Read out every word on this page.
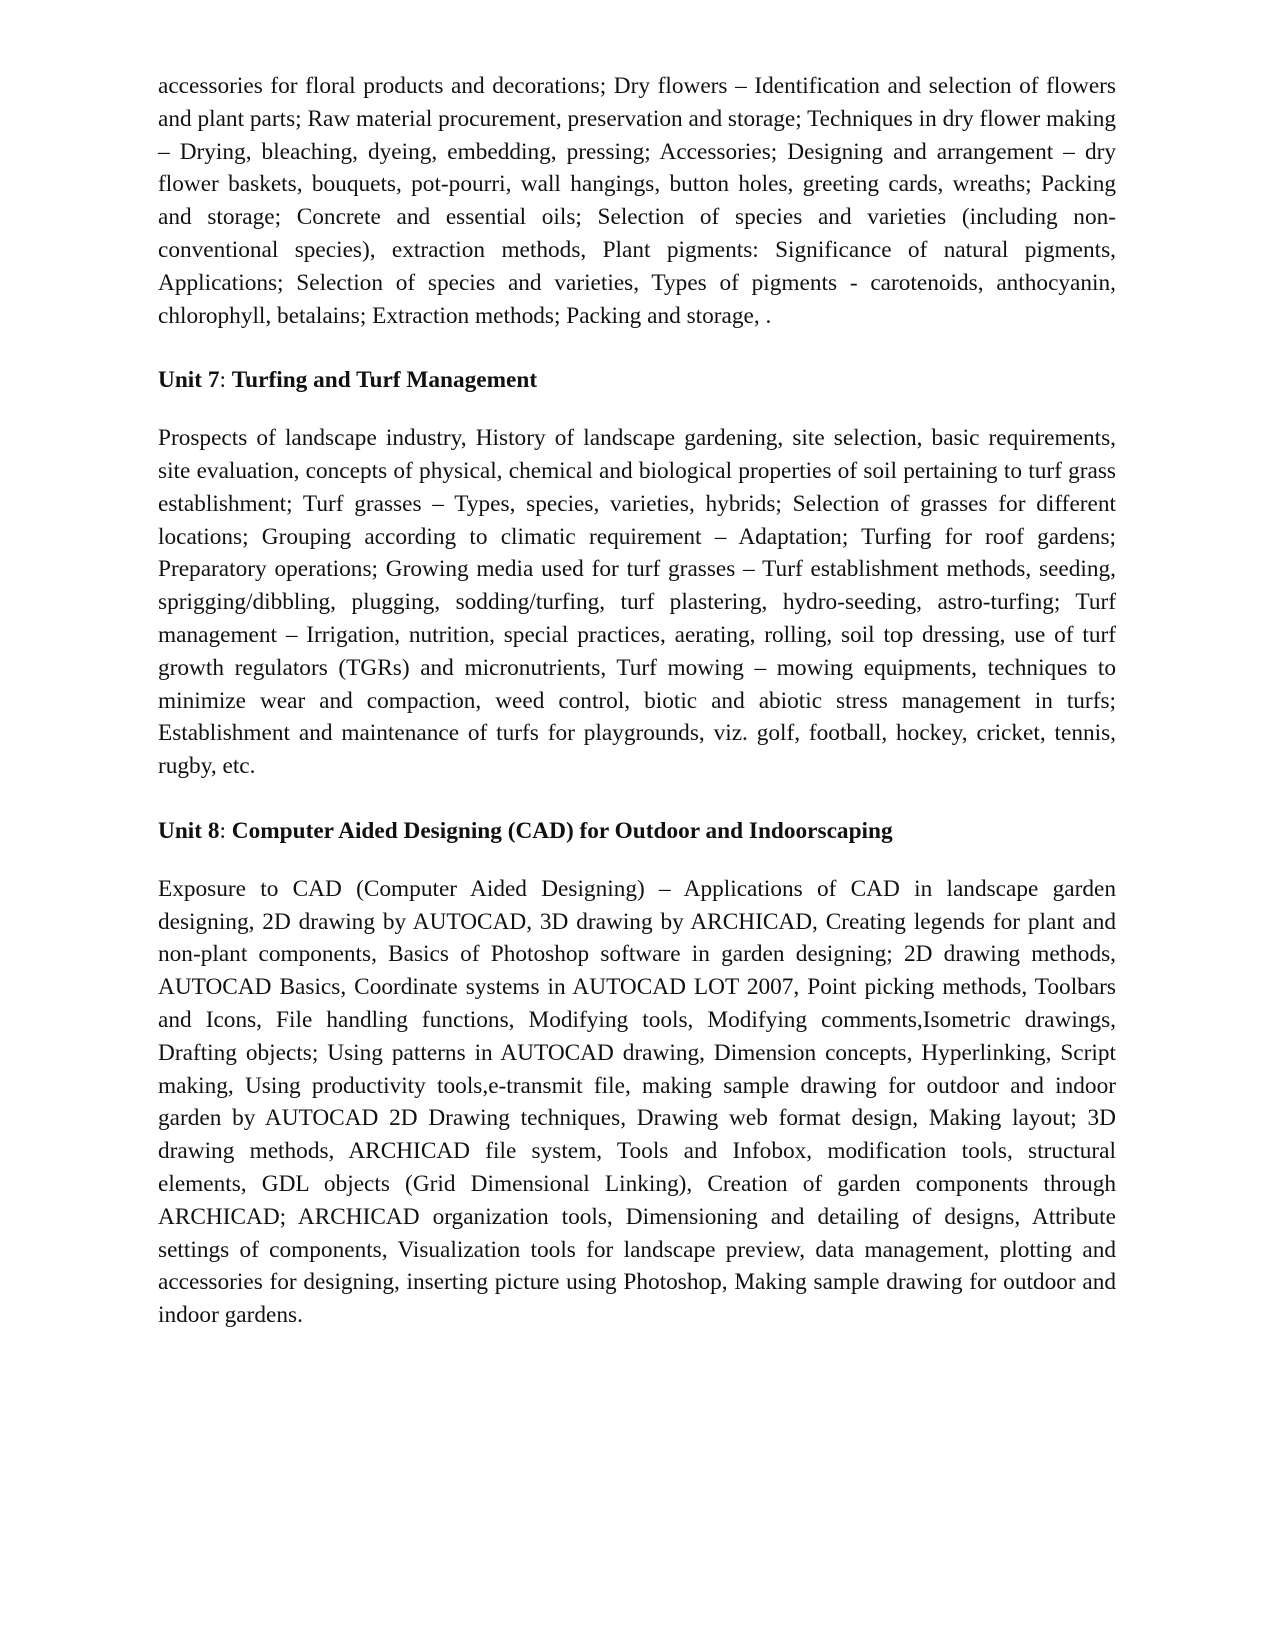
accessories for floral products and decorations; Dry flowers – Identification and selection of flowers and plant parts; Raw material procurement, preservation and storage; Techniques in dry flower making – Drying, bleaching, dyeing, embedding, pressing; Accessories; Designing and arrangement – dry flower baskets, bouquets, pot-pourri, wall hangings, button holes, greeting cards, wreaths; Packing and storage; Concrete and essential oils; Selection of species and varieties (including non-conventional species), extraction methods, Plant pigments: Significance of natural pigments, Applications; Selection of species and varieties, Types of pigments - carotenoids, anthocyanin, chlorophyll, betalains; Extraction methods; Packing and storage, .

Unit 7: Turfing and Turf Management

Prospects of landscape industry, History of landscape gardening, site selection, basic requirements, site evaluation, concepts of physical, chemical and biological properties of soil pertaining to turf grass establishment; Turf grasses – Types, species, varieties, hybrids; Selection of grasses for different locations; Grouping according to climatic requirement – Adaptation; Turfing for roof gardens; Preparatory operations; Growing media used for turf grasses – Turf establishment methods, seeding, sprigging/dibbling, plugging, sodding/turfing, turf plastering, hydro-seeding, astro-turfing; Turf management – Irrigation, nutrition, special practices, aerating, rolling, soil top dressing, use of turf growth regulators (TGRs) and micronutrients, Turf mowing – mowing equipments, techniques to minimize wear and compaction, weed control, biotic and abiotic stress management in turfs; Establishment and maintenance of turfs for playgrounds, viz. golf, football, hockey, cricket, tennis, rugby, etc.

Unit 8: Computer Aided Designing (CAD) for Outdoor and Indoorscaping

Exposure to CAD (Computer Aided Designing) – Applications of CAD in landscape garden designing, 2D drawing by AUTOCAD, 3D drawing by ARCHICAD, Creating legends for plant and non-plant components, Basics of Photoshop software in garden designing; 2D drawing methods, AUTOCAD Basics, Coordinate systems in AUTOCAD LOT 2007, Point picking methods, Toolbars and Icons, File handling functions, Modifying tools, Modifying comments,Isometric drawings, Drafting objects; Using patterns in AUTOCAD drawing, Dimension concepts, Hyperlinking, Script making, Using productivity tools,e-transmit file, making sample drawing for outdoor and indoor garden by AUTOCAD 2D Drawing techniques, Drawing web format design, Making layout; 3D drawing methods, ARCHICAD file system, Tools and Infobox, modification tools, structural elements, GDL objects (Grid Dimensional Linking), Creation of garden components through ARCHICAD; ARCHICAD organization tools, Dimensioning and detailing of designs, Attribute settings of components, Visualization tools for landscape preview, data management, plotting and accessories for designing, inserting picture using Photoshop, Making sample drawing for outdoor and indoor gardens.
